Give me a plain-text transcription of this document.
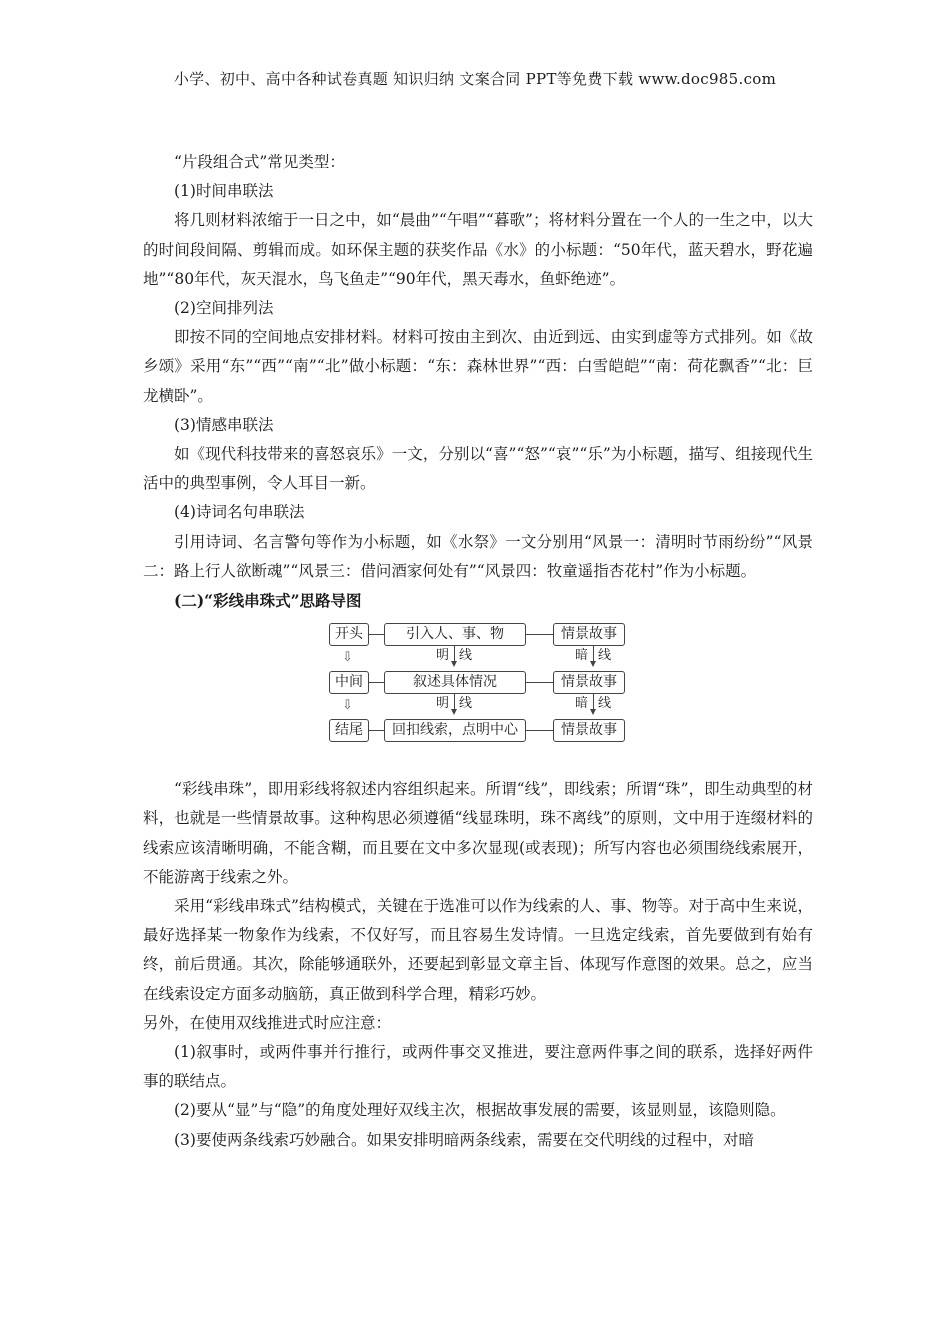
小学、初中、高中各种试卷真题 知识归纳 文案合同 PPT等免费下载 www.doc985.com

“片段组合式”常见类型：

(1)时间串联法

将几则材料浓缩于一日之中，如“晨曲”“午唱”“暮歌”；将材料分置在一个人的一生之中，以大的时间段间隔、剪辑而成。如环保主题的获奖作品《水》的小标题：“50年代，蓝天碧水，野花遍地”“80年代，灰天混水，鸟飞鱼走”“90年代，黑天毒水，鱼虾绝迹”。

(2)空间排列法

即按不同的空间地点安排材料。材料可按由主到次、由近到远、由实到虚等方式排列。如《故乡颂》采用“东”“西”“南”“北”做小标题：“东：森林世界”“西：白雪皑皑”“南：荷花飘香”“北：巨龙横卧”。

(3)情感串联法

如《现代科技带来的喜怒哀乐》一文，分别以“喜”“怒”“哀”“乐”为小标题，描写、组接现代生活中的典型事例，令人耳目一新。

(4)诗词名句串联法

引用诗词、名言警句等作为小标题，如《水祭》一文分别用“风景一：清明时节雨纷纷”“风景二：路上行人欲断魂”“风景三：借问酒家何处有”“风景四：牧童遥指杏花村”作为小标题。

(二)“彩线串珠式”思路导图

开头	引入人、事、物	情景故事
⇩	明 线	暗 线
中间	叙述具体情况	情景故事
⇩	明 线	暗 线
结尾	回扣线索，点明中心	情景故事

“彩线串珠”，即用彩线将叙述内容组织起来。所谓“线”，即线索；所谓“珠”，即生动典型的材料，也就是一些情景故事。这种构思必须遵循“线显珠明，珠不离线”的原则，文中用于连缀材料的线索应该清晰明确，不能含糊，而且要在文中多次显现(或表现)；所写内容也必须围绕线索展开，不能游离于线索之外。

采用“彩线串珠式”结构模式，关键在于选准可以作为线索的人、事、物等。对于高中生来说，最好选择某一物象作为线索，不仅好写，而且容易生发诗情。一旦选定线索，首先要做到有始有终，前后贯通。其次，除能够通联外，还要起到彰显文章主旨、体现写作意图的效果。总之，应当在线索设定方面多动脑筋，真正做到科学合理，精彩巧妙。

另外，在使用双线推进式时应注意：

(1)叙事时，或两件事并行推行，或两件事交叉推进，要注意两件事之间的联系，选择好两件事的联结点。

(2)要从“显”与“隐”的角度处理好双线主次，根据故事发展的需要，该显则显，该隐则隐。

(3)要使两条线索巧妙融合。如果安排明暗两条线索，需要在交代明线的过程中，对暗
